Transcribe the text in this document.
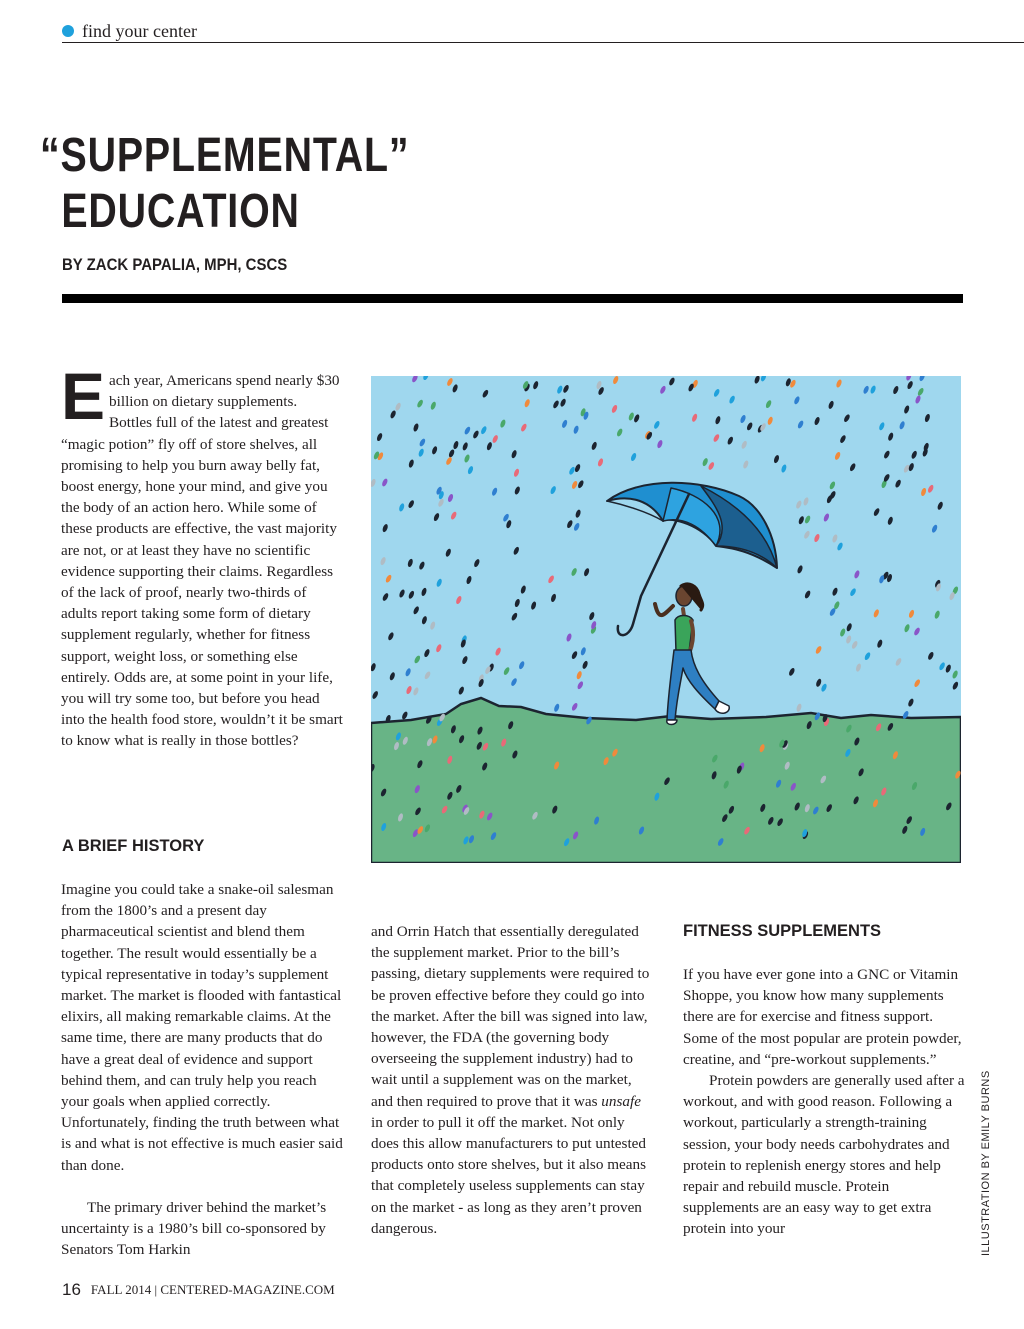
find your center
“SUPPLEMENTAL”
EDUCATION
BY ZACK PAPALIA, MPH, CSCS

Each year, Americans spend nearly $30 billion on dietary supplements. Bottles full of the latest and greatest “magic potion” fly off of store shelves, all promising to help you burn away belly fat, boost energy, hone your mind, and give you the body of an action hero. While some of these products are effective, the vast majority are not, or at least they have no scientific evidence supporting their claims. Regardless of the lack of proof, nearly two-thirds of adults report taking some form of dietary supplement regularly, whether for fitness support, weight loss, or something else entirely. Odds are, at some point in your life, you will try some too, but before you head into the health food store, wouldn’t it be smart to know what is really in those bottles?

A BRIEF HISTORY

Imagine you could take a snake-oil salesman from the 1800’s and a present day pharmaceutical scientist and blend them together. The result would essentially be a typical representative in today’s supplement market. The market is flooded with fantastical elixirs, all making remarkable claims. At the same time, there are many products that do have a great deal of evidence and support behind them, and can truly help you reach your goals when applied correctly. Unfortunately, finding the truth between what is and what is not effective is much easier said than done.

The primary driver behind the market’s uncertainty is a 1980’s bill co-sponsored by Senators Tom Harkin

and Orrin Hatch that essentially deregulated the supplement market. Prior to the bill’s passing, dietary supplements were required to be proven effective before they could go into the market. After the bill was signed into law, however, the FDA (the governing body overseeing the supplement industry) had to wait until a supplement was on the market, and then required to prove that it was unsafe in order to pull it off the market. Not only does this allow manufacturers to put untested products onto store shelves, but it also means that completely useless supplements can stay on the market - as long as they aren’t proven dangerous.

FITNESS SUPPLEMENTS

If you have ever gone into a GNC or Vitamin Shoppe, you know how many supplements there are for exercise and fitness support. Some of the most popular are protein powder, creatine, and “pre-workout supplements.”

Protein powders are generally used after a workout, and with good reason. Following a workout, particularly a strength-training session, your body needs carbohydrates and protein to replenish energy stores and help repair and rebuild muscle. Protein supplements are an easy way to get extra protein into your	ILLUSTRATION BY EMILY BURNS
16 FALL 2014 | CENTERED-MAGAZINE.COM
